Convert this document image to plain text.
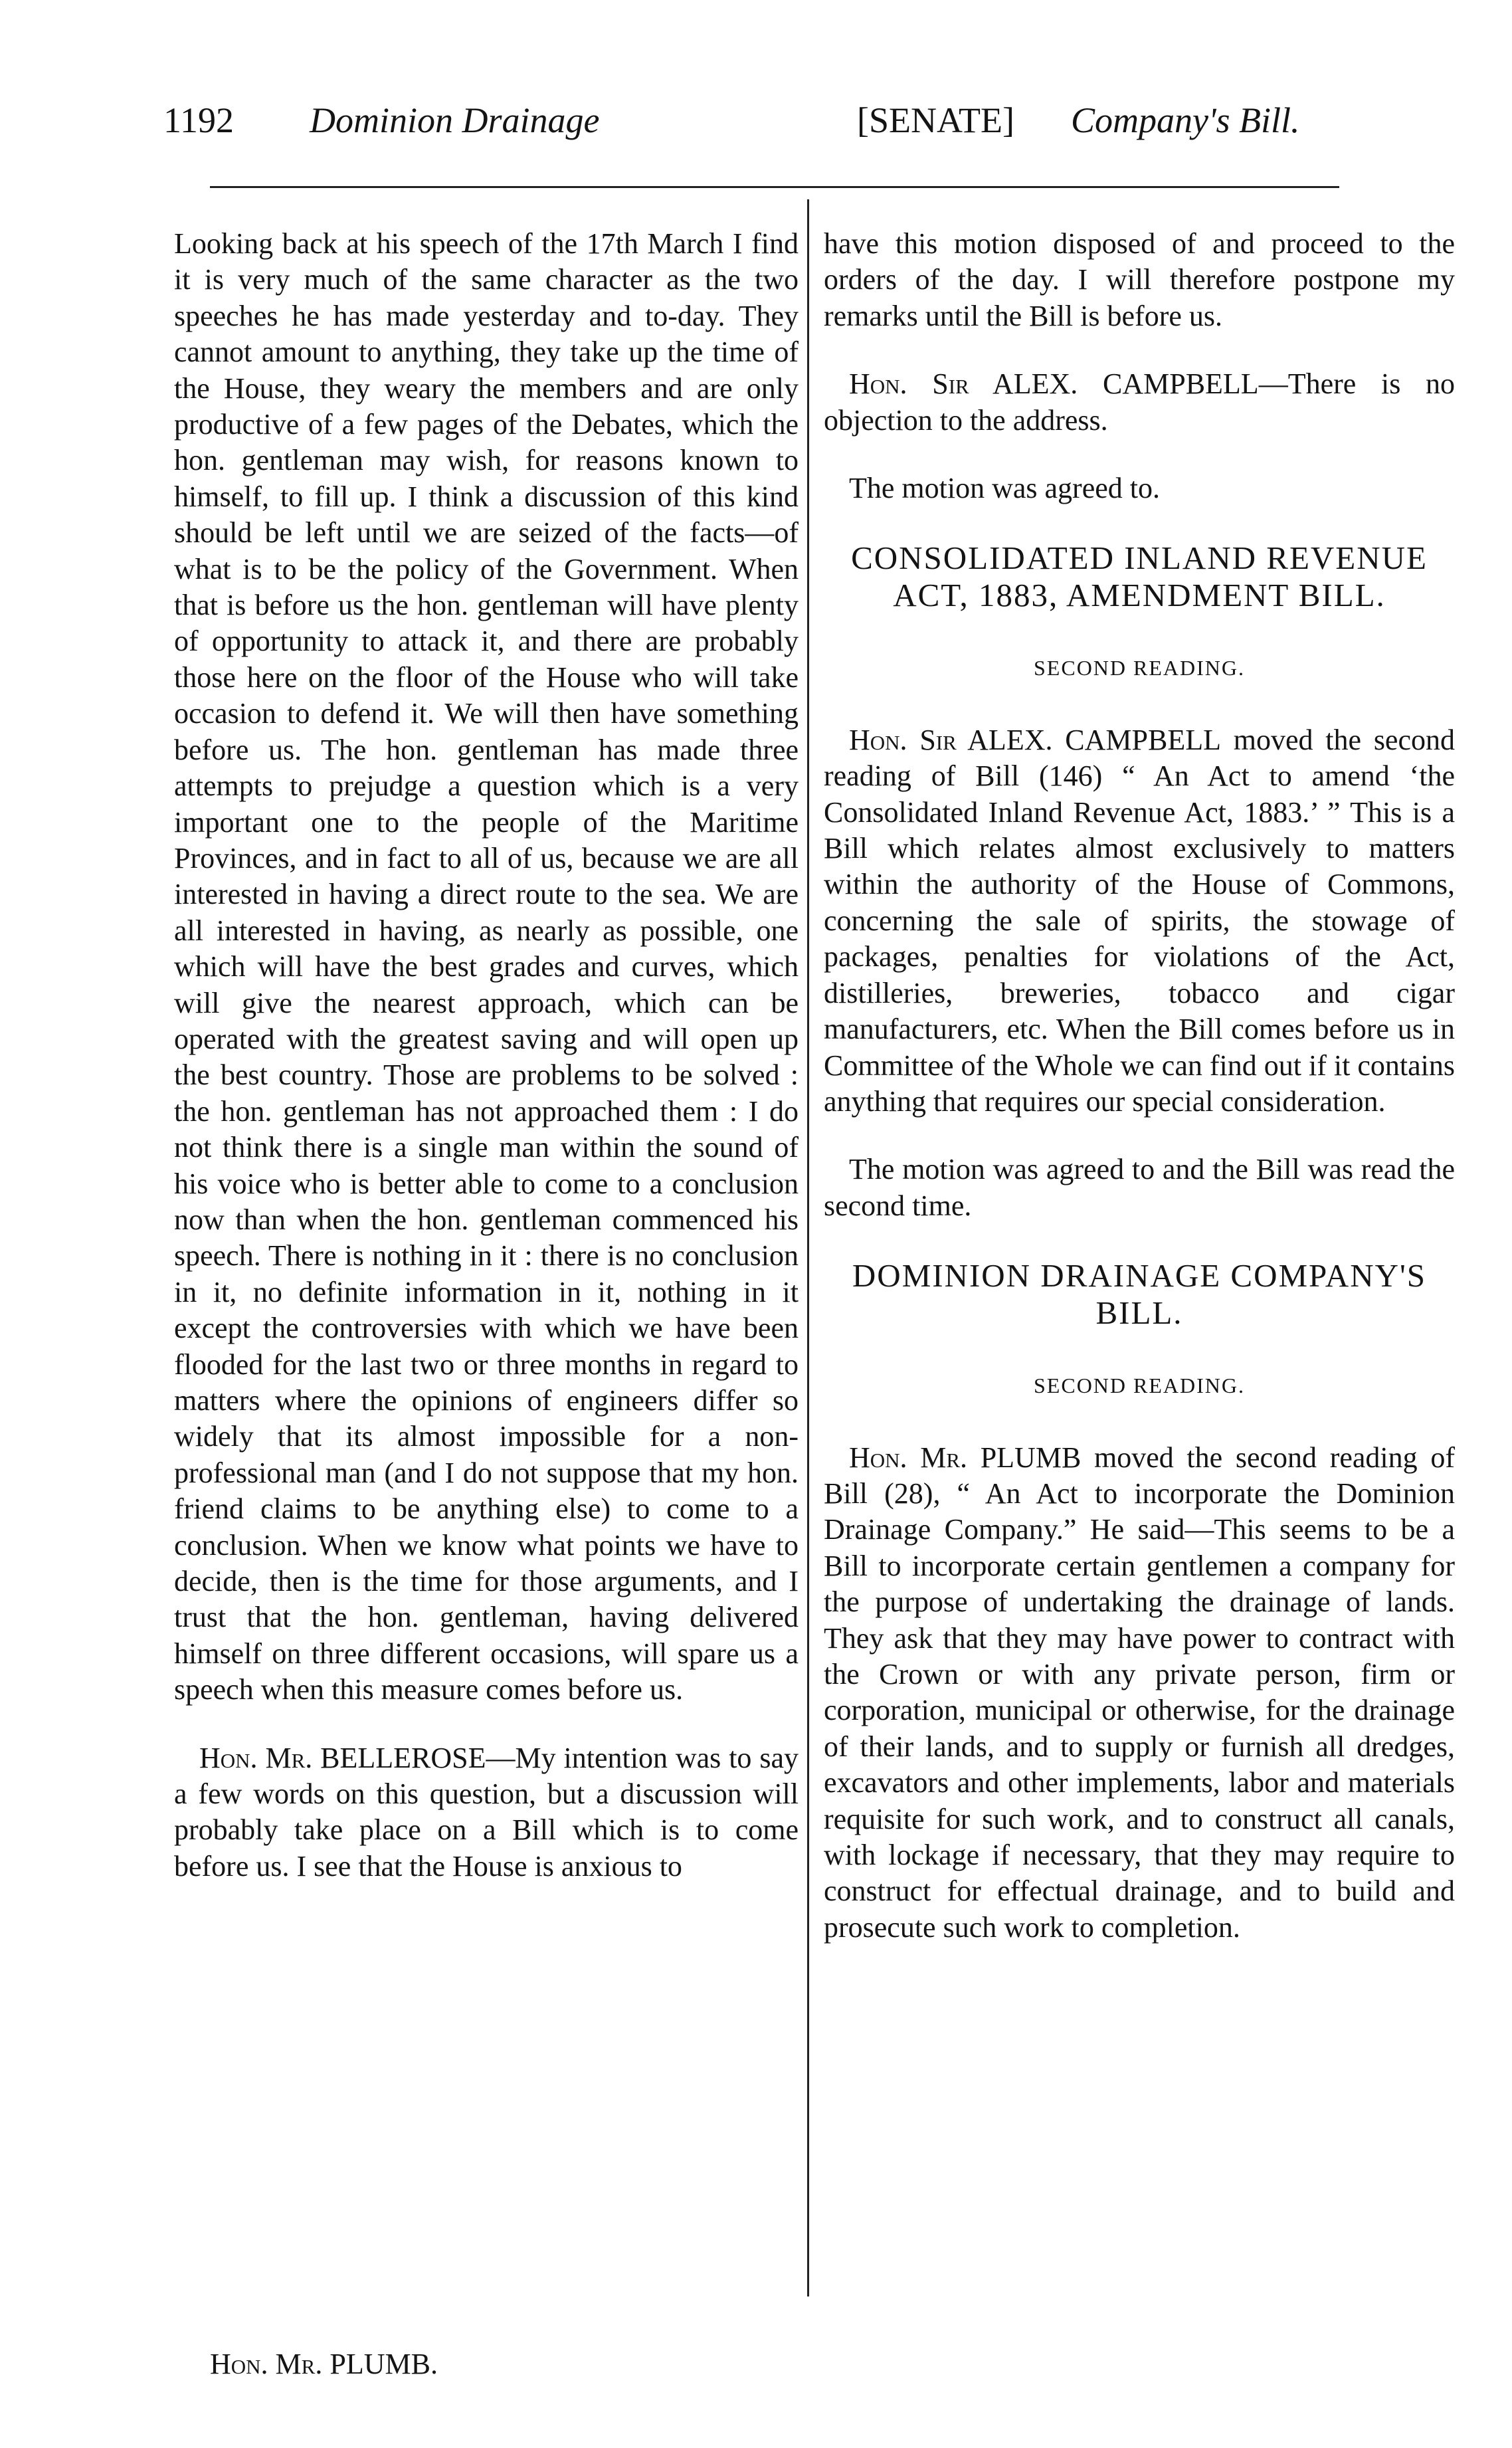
1192 Dominion Drainage	[SENATE] Company's Bill.

Looking back at his speech of the 17th March I find it is very much of the same character as the two speeches he has made yesterday and to-day. They cannot amount to anything, they take up the time of the House, they weary the members and are only productive of a few pages of the Debates, which the hon. gentleman may wish, for reasons known to himself, to fill up. I think a discussion of this kind should be left until we are seized of the facts—of what is to be the policy of the Government. When that is before us the hon. gentleman will have plenty of opportunity to attack it, and there are probably those here on the floor of the House who will take occasion to defend it. We will then have something before us. The hon. gentleman has made three attempts to prejudge a question which is a very important one to the people of the Maritime Provinces, and in fact to all of us, because we are all interested in having a direct route to the sea. We are all interested in having, as nearly as possible, one which will have the best grades and curves, which will give the nearest approach, which can be operated with the greatest saving and will open up the best country. Those are problems to be solved : the hon. gentleman has not approached them : I do not think there is a single man within the sound of his voice who is better able to come to a conclusion now than when the hon. gentleman commenced his speech. There is nothing in it : there is no conclusion in it, no definite information in it, nothing in it except the controversies with which we have been flooded for the last two or three months in regard to matters where the opinions of engineers differ so widely that its almost impossible for a non-professional man (and I do not suppose that my hon. friend claims to be anything else) to come to a conclusion. When we know what points we have to decide, then is the time for those arguments, and I trust that the hon. gentleman, having delivered himself on three different occasions, will spare us a speech when this measure comes before us.

Hon. Mr. BELLEROSE—My intention was to say a few words on this question, but a discussion will probably take place on a Bill which is to come before us. I see that the House is anxious to

have this motion disposed of and proceed to the orders of the day. I will therefore postpone my remarks until the Bill is before us.

Hon. Sir ALEX. CAMPBELL—There is no objection to the address.

The motion was agreed to.

CONSOLIDATED INLAND REVENUE ACT, 1883, AMENDMENT BILL.
SECOND READING.

Hon. Sir ALEX. CAMPBELL moved the second reading of Bill (146) “ An Act to amend ‘the Consolidated Inland Revenue Act, 1883.’ ” This is a Bill which relates almost exclusively to matters within the authority of the House of Commons, concerning the sale of spirits, the stowage of packages, penalties for violations of the Act, distilleries, breweries, tobacco and cigar manufacturers, etc. When the Bill comes before us in Committee of the Whole we can find out if it contains anything that requires our special consideration.

The motion was agreed to and the Bill was read the second time.

DOMINION DRAINAGE COMPANY'S BILL.
SECOND READING.

Hon. Mr. PLUMB moved the second reading of Bill (28), “ An Act to incorporate the Dominion Drainage Company.” He said—This seems to be a Bill to incorporate certain gentlemen a company for the purpose of undertaking the drainage of lands. They ask that they may have power to contract with the Crown or with any private person, firm or corporation, municipal or otherwise, for the drainage of their lands, and to supply or furnish all dredges, excavators and other implements, labor and materials requisite for such work, and to construct all canals, with lockage if necessary, that they may require to construct for effectual drainage, and to build and prosecute such work to completion.

Hon. Mr. PLUMB.
